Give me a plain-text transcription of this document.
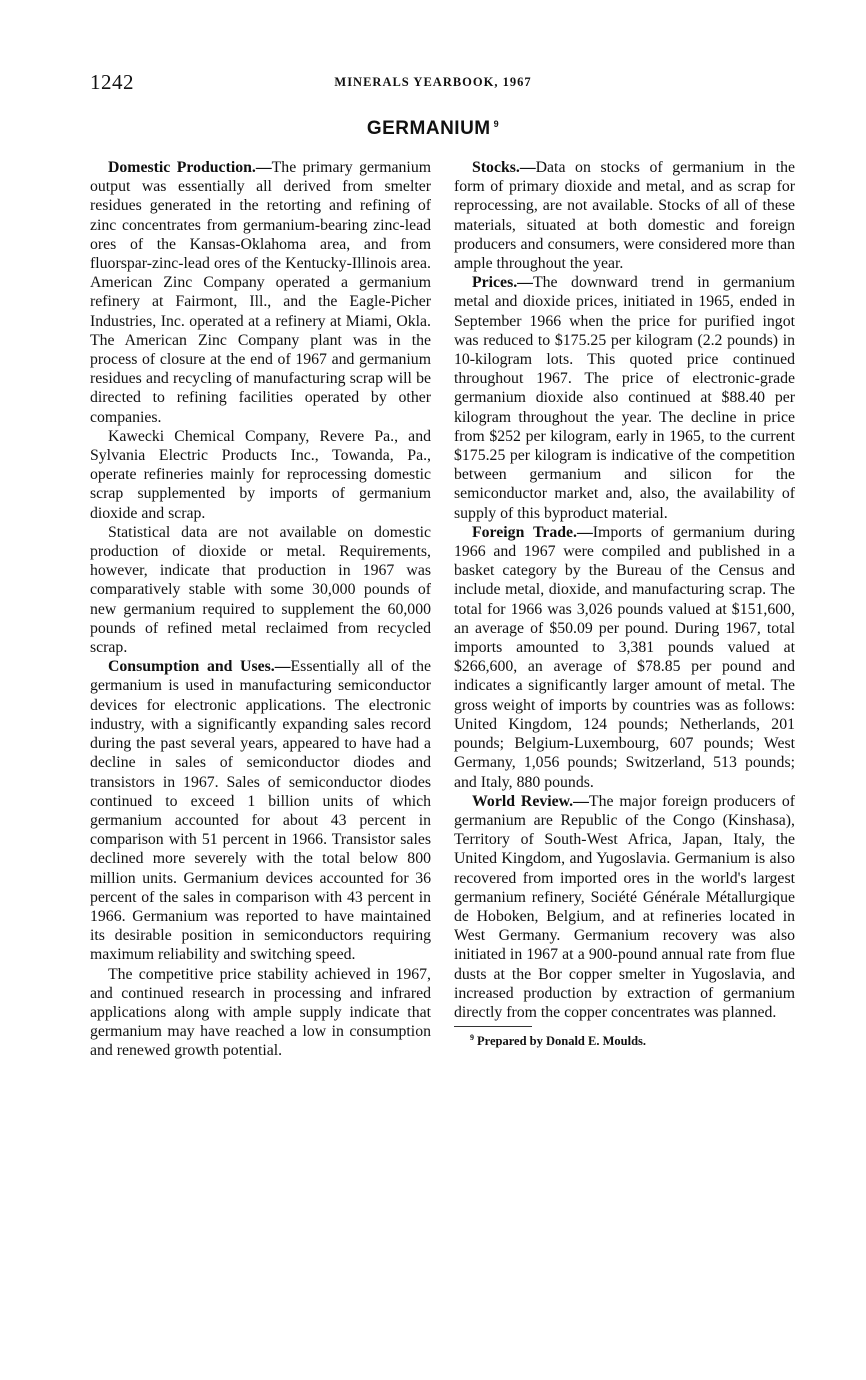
1242	MINERALS YEARBOOK, 1967
GERMANIUM $^9$

Domestic Production.—The primary germanium output was essentially all derived from smelter residues generated in the retorting and refining of zinc concentrates from germanium-bearing zinc-lead ores of the Kansas-Oklahoma area, and from fluorspar-zinc-lead ores of the Kentucky-Illinois area. American Zinc Company operated a germanium refinery at Fairmont, Ill., and the Eagle-Picher Industries, Inc. operated at a refinery at Miami, Okla. The American Zinc Company plant was in the process of closure at the end of 1967 and germanium residues and recycling of manufacturing scrap will be directed to refining facilities operated by other companies.

Kawecki Chemical Company, Revere Pa., and Sylvania Electric Products Inc., Towanda, Pa., operate refineries mainly for reprocessing domestic scrap supplemented by imports of germanium dioxide and scrap.

Statistical data are not available on domestic production of dioxide or metal. Requirements, however, indicate that production in 1967 was comparatively stable with some 30,000 pounds of new germanium required to supplement the 60,000 pounds of refined metal reclaimed from recycled scrap.

Consumption and Uses.—Essentially all of the germanium is used in manufacturing semiconductor devices for electronic applications. The electronic industry, with a significantly expanding sales record during the past several years, appeared to have had a decline in sales of semiconductor diodes and transistors in 1967. Sales of semiconductor diodes continued to exceed 1 billion units of which germanium accounted for about 43 percent in comparison with 51 percent in 1966. Transistor sales declined more severely with the total below 800 million units. Germanium devices accounted for 36 percent of the sales in comparison with 43 percent in 1966. Germanium was reported to have maintained its desirable position in semiconductors requiring maximum reliability and switching speed.

The competitive price stability achieved in 1967, and continued research in processing and infrared applications along with ample supply indicate that germanium may have reached a low in consumption and renewed growth potential.

Stocks.—Data on stocks of germanium in the form of primary dioxide and metal, and as scrap for reprocessing, are not available. Stocks of all of these materials, situated at both domestic and foreign producers and consumers, were considered more than ample throughout the year.

Prices.—The downward trend in germanium metal and dioxide prices, initiated in 1965, ended in September 1966 when the price for purified ingot was reduced to $175.25 per kilogram (2.2 pounds) in 10-kilogram lots. This quoted price continued throughout 1967. The price of electronic-grade germanium dioxide also continued at $88.40 per kilogram throughout the year. The decline in price from $252 per kilogram, early in 1965, to the current $175.25 per kilogram is indicative of the competition between germanium and silicon for the semiconductor market and, also, the availability of supply of this byproduct material.

Foreign Trade.—Imports of germanium during 1966 and 1967 were compiled and published in a basket category by the Bureau of the Census and include metal, dioxide, and manufacturing scrap. The total for 1966 was 3,026 pounds valued at $151,600, an average of $50.09 per pound. During 1967, total imports amounted to 3,381 pounds valued at $266,600, an average of $78.85 per pound and indicates a significantly larger amount of metal. The gross weight of imports by countries was as follows: United Kingdom, 124 pounds; Netherlands, 201 pounds; Belgium-Luxembourg, 607 pounds; West Germany, 1,056 pounds; Switzerland, 513 pounds; and Italy, 880 pounds.

World Review.—The major foreign producers of germanium are Republic of the Congo (Kinshasa), Territory of South-West Africa, Japan, Italy, the United Kingdom, and Yugoslavia. Germanium is also recovered from imported ores in the world's largest germanium refinery, Société Générale Métallurgique de Hoboken, Belgium, and at refineries located in West Germany. Germanium recovery was also initiated in 1967 at a 900-pound annual rate from flue dusts at the Bor copper smelter in Yugoslavia, and increased production by extraction of germanium directly from the copper concentrates was planned.

$^9$ Prepared by Donald E. Moulds.
